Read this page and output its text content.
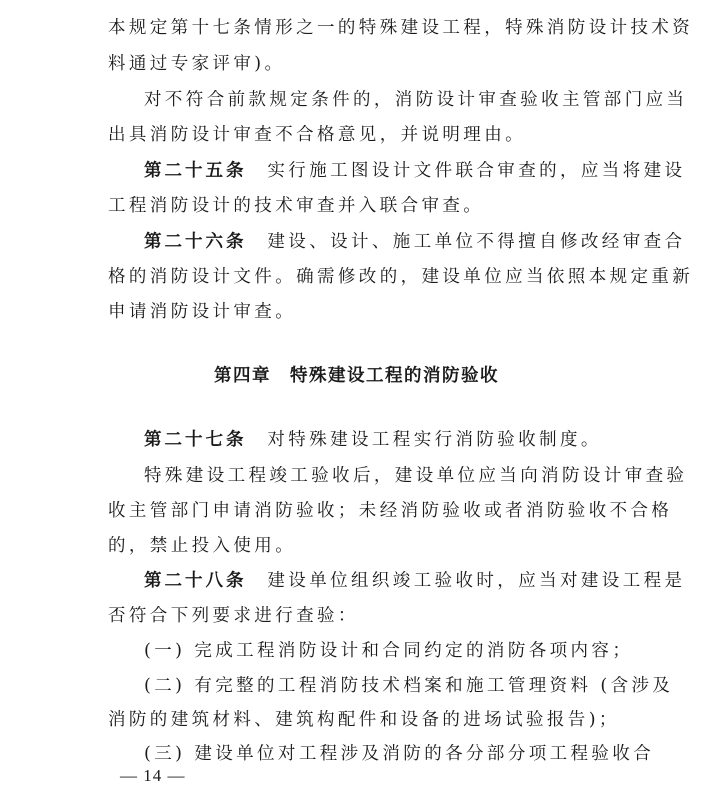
本规定第十七条情形之一的特殊建设工程，特殊消防设计技术资
料通过专家评审)。
对不符合前款规定条件的，消防设计审查验收主管部门应当
出具消防设计审查不合格意见，并说明理由。
第二十五条　 实行施工图设计文件联合审查的，应当将建设
工程消防设计的技术审查并入联合审查。
第二十六条　 建设、设计、施工单位不得擅自修改经审查合
格的消防设计文件。确需修改的，建设单位应当依照本规定重新
申请消防设计审查。
第四章　特殊建设工程的消防验收
第二十七条　 对特殊建设工程实行消防验收制度。
特殊建设工程竣工验收后，建设单位应当向消防设计审查验
收主管部门申请消防验收；未经消防验收或者消防验收不合格
的，禁止投入使用。
第二十八条　 建设单位组织竣工验收时，应当对建设工程是
否符合下列要求进行查验：
(一) 完成工程消防设计和合同约定的消防各项内容；
(二) 有完整的工程消防技术档案和施工管理资料 (含涉及
消防的建筑材料、建筑构配件和设备的进场试验报告)；
(三) 建设单位对工程涉及消防的各分部分项工程验收合
— 14 —
